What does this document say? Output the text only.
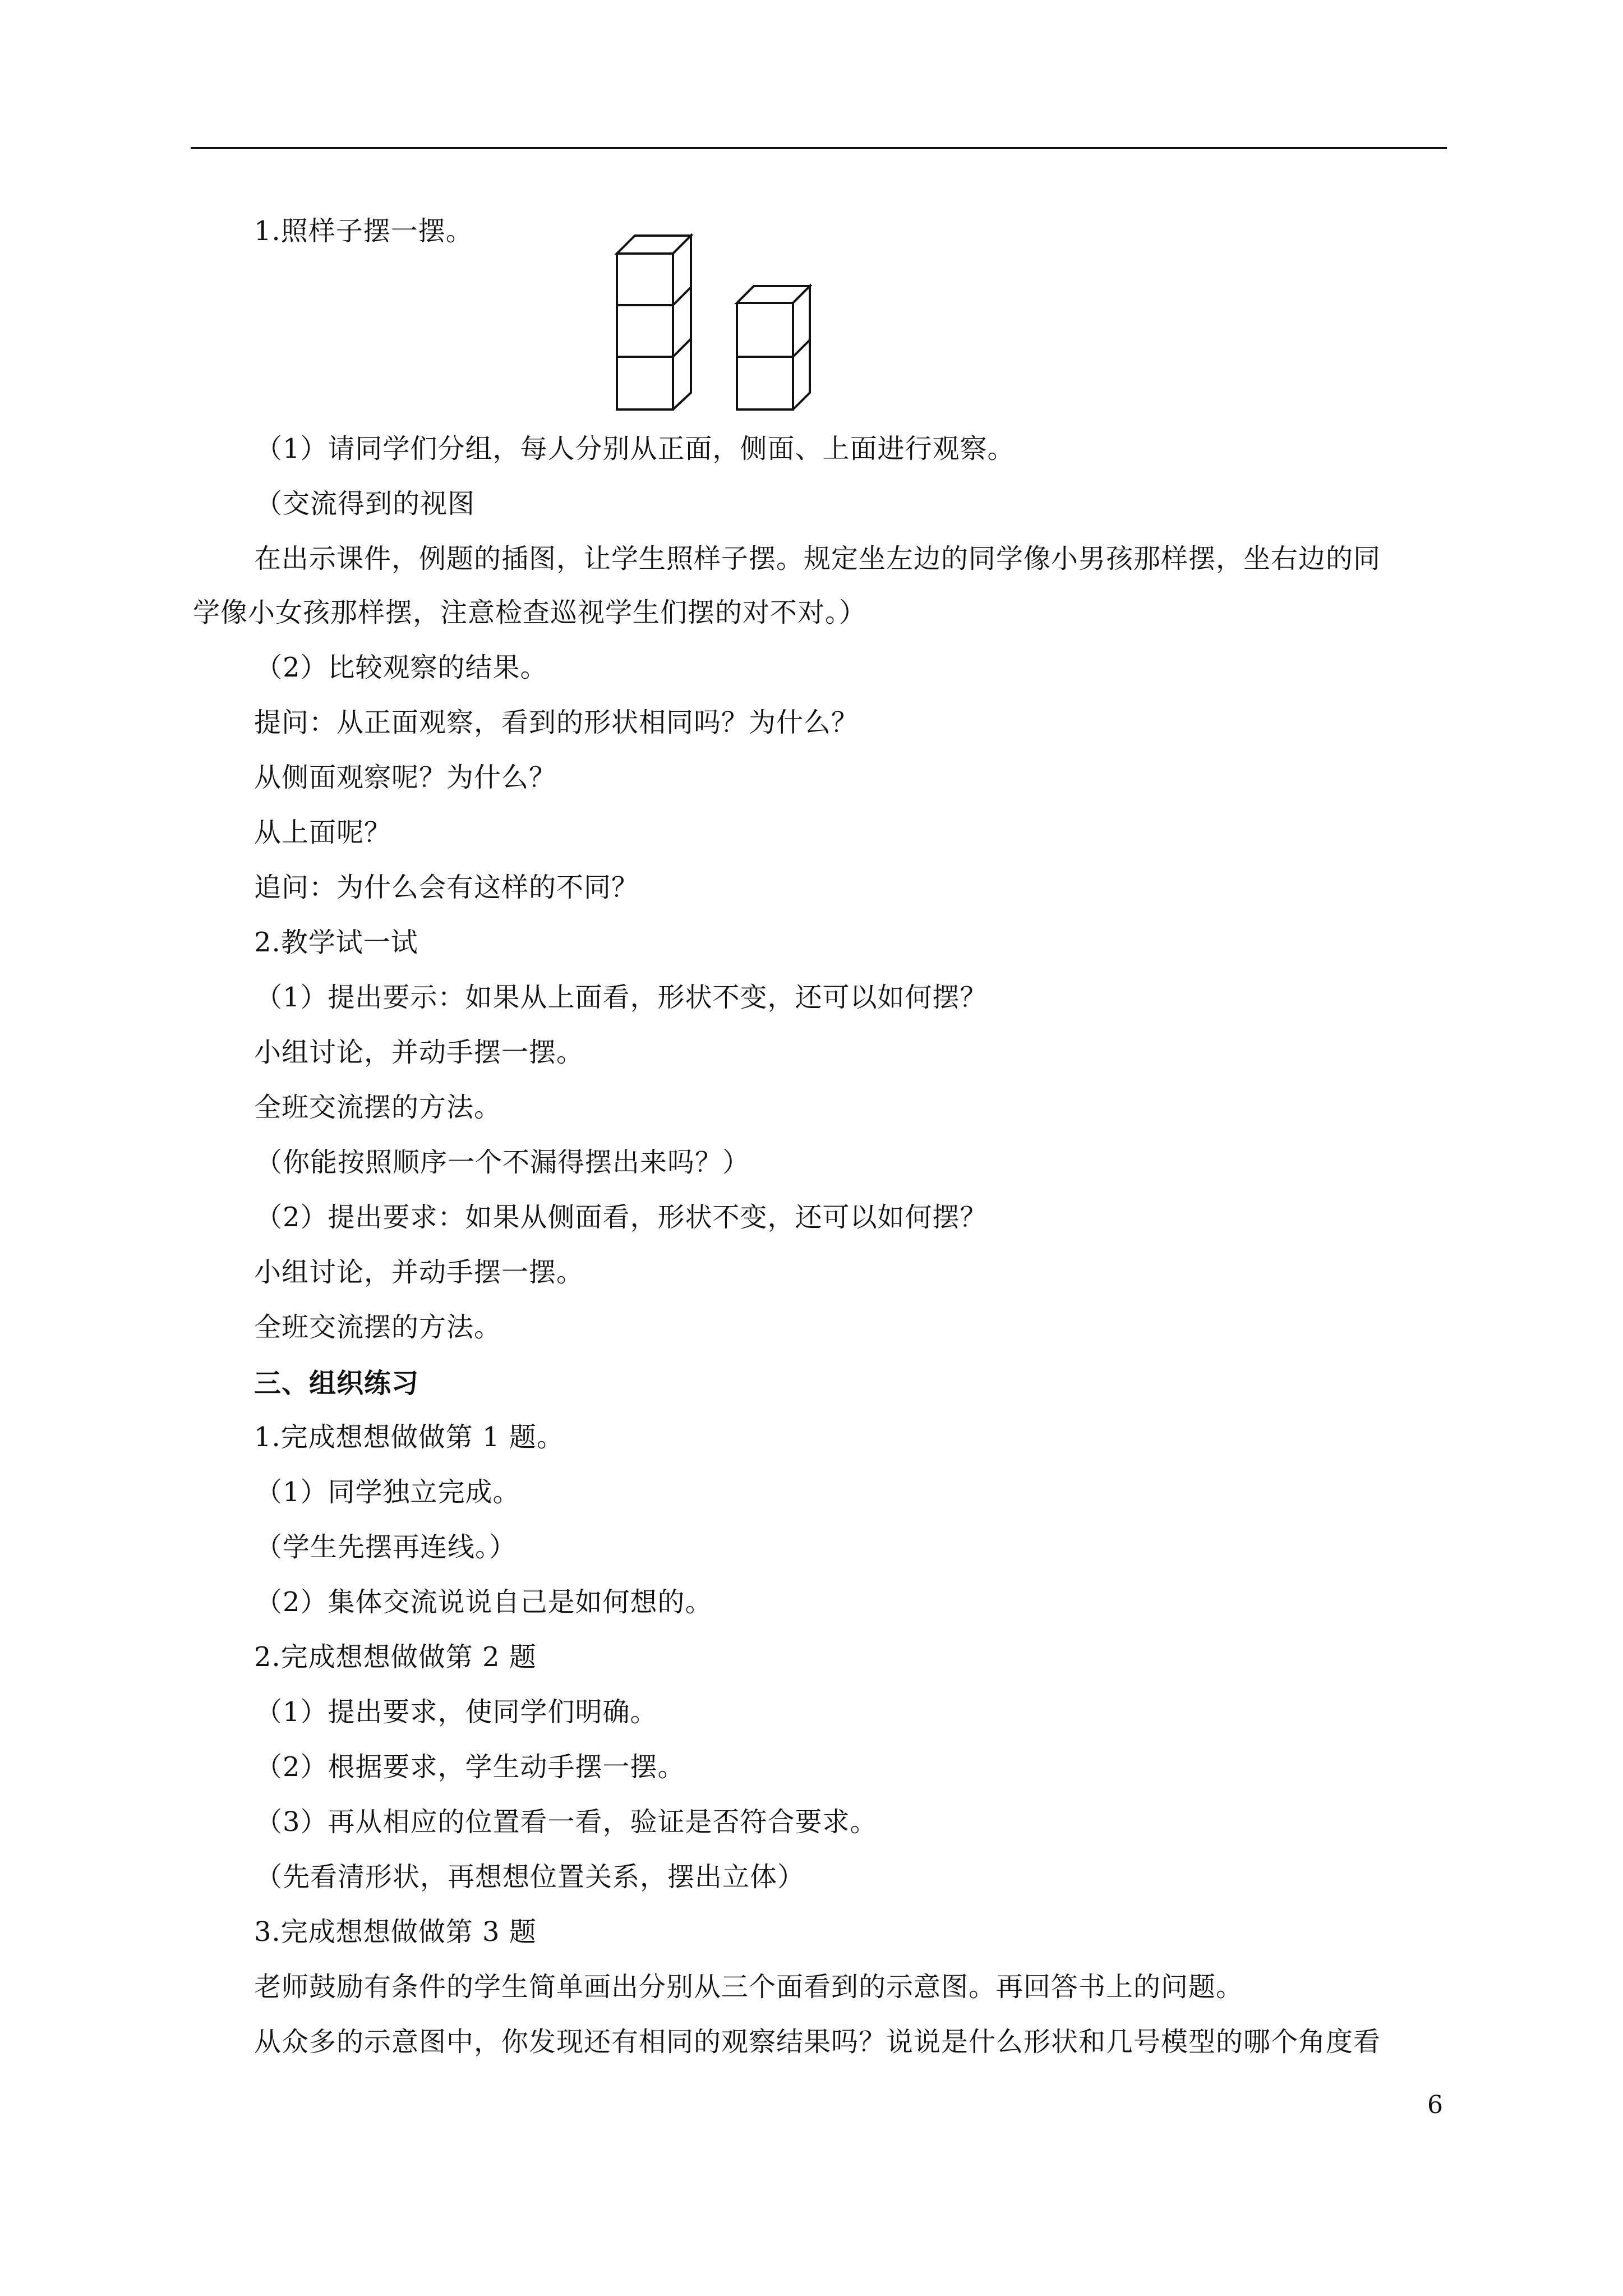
1.照样子摆一摆。
（1）请同学们分组，每人分别从正面，侧面、上面进行观察。
（交流得到的视图
在出示课件，例题的插图，让学生照样子摆。规定坐左边的同学像小男孩那样摆，坐右边的同
学像小女孩那样摆，注意检查巡视学生们摆的对不对。）
（2）比较观察的结果。
提问：从正面观察，看到的形状相同吗？为什么？
从侧面观察呢？为什么？
从上面呢？
追问：为什么会有这样的不同？
2.教学试一试
（1）提出要示：如果从上面看，形状不变，还可以如何摆？
小组讨论，并动手摆一摆。
全班交流摆的方法。
（你能按照顺序一个不漏得摆出来吗？）
（2）提出要求：如果从侧面看，形状不变，还可以如何摆？
小组讨论，并动手摆一摆。
全班交流摆的方法。
三、组织练习
1.完成想想做做第 1 题。
（1）同学独立完成。
（学生先摆再连线。）
（2）集体交流说说自己是如何想的。
2.完成想想做做第 2 题
（1）提出要求，使同学们明确。
（2）根据要求，学生动手摆一摆。
（3）再从相应的位置看一看，验证是否符合要求。
（先看清形状，再想想位置关系，摆出立体）
3.完成想想做做第 3 题
老师鼓励有条件的学生简单画出分别从三个面看到的示意图。再回答书上的问题。
从众多的示意图中，你发现还有相同的观察结果吗？说说是什么形状和几号模型的哪个角度看
6
